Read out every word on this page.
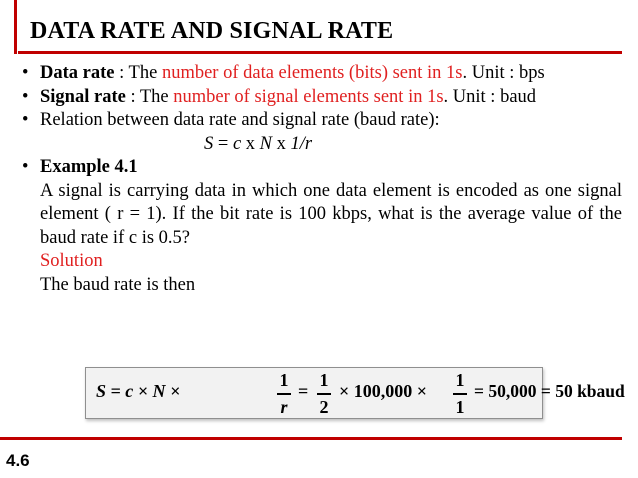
DATA RATE AND SIGNAL RATE
• Data rate : The number of data elements (bits) sent in 1s. Unit : bps
• Signal rate : The number of signal elements sent in 1s. Unit : baud
• Relation between data rate and signal rate (baud rate):
S = c x N x 1/r
• Example 4.1
A signal is carrying data in which one data element is encoded as one signal element ( r = 1). If the bit rate is 100 kbps, what is the average value of the baud rate if c is 0.5?
Solution
The baud rate is then
S = c × N ×
1
r
=
1
2
× 100,000 ×
1
1
= 50,000 = 50 kbaud
4.6
